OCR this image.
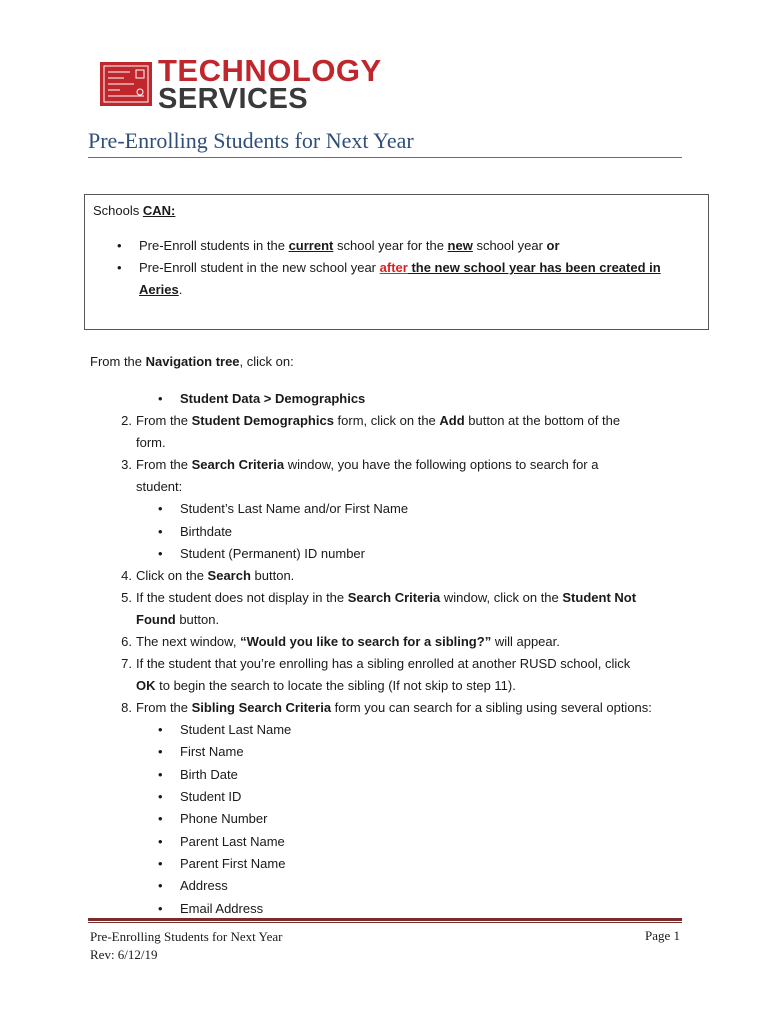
TECHNOLOGY
SERVICES
Pre-Enrolling Students for Next Year
Schools CAN:
• Pre-Enroll students in the current school year for the new school year or
• Pre-Enroll student in the new school year after the new school year has been created in Aeries.
From the Navigation tree, click on:
• Student Data > Demographics
2. From the Student Demographics form, click on the Add button at the bottom of the
form.
3. From the Search Criteria window, you have the following options to search for a
student:
• Student’s Last Name and/or First Name
• Birthdate
• Student (Permanent) ID number
4. Click on the Search button.
5. If the student does not display in the Search Criteria window, click on the Student Not
Found button.
6. The next window, “Would you like to search for a sibling?” will appear.
7. If the student that you’re enrolling has a sibling enrolled at another RUSD school, click
OK to begin the search to locate the sibling (If not skip to step 11).
8. From the Sibling Search Criteria form you can search for a sibling using several options:
• Student Last Name
• First Name
• Birth Date
• Student ID
• Phone Number
• Parent Last Name
• Parent First Name
• Address
• Email Address
Pre-Enrolling Students for Next Year
Rev: 6/12/19
Page 1
